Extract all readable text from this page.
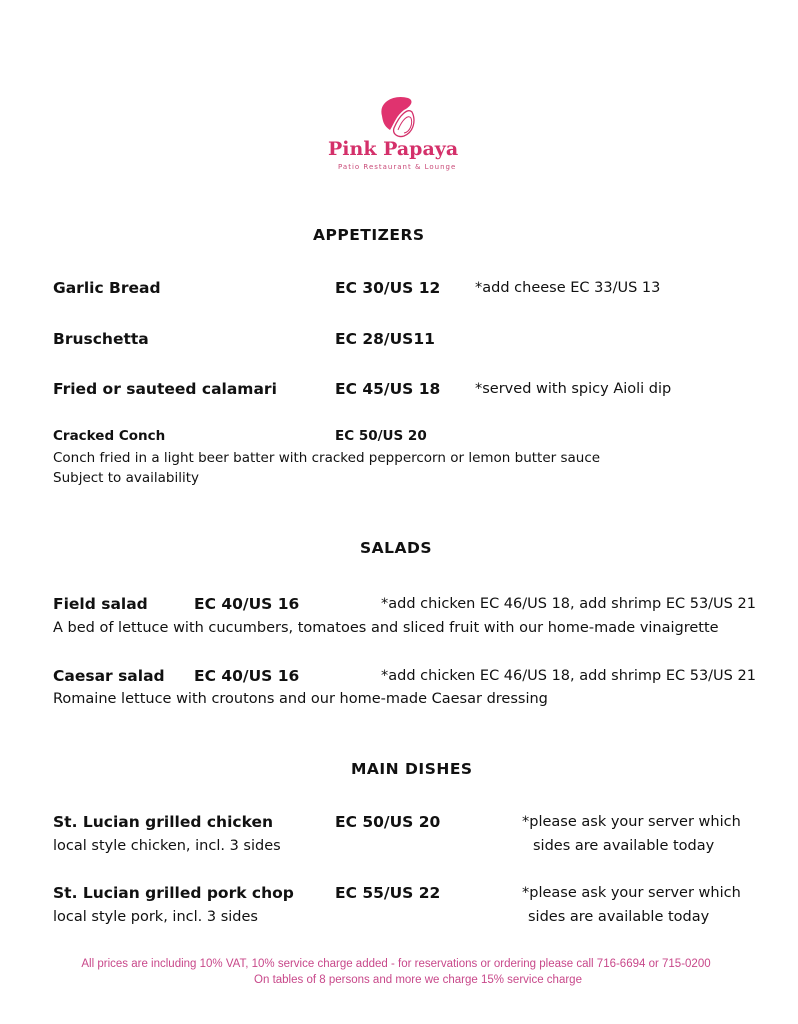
Pink Papaya
Patio Restaurant & Lounge
APPETIZERS
Garlic Bread	EC 30/US 12 *add cheese EC 33/US 13
Bruschetta	EC 28/US11
Fried or sauteed calamari	EC 45/US 18 *served with spicy Aioli dip
Cracked Conch	EC 50/US 20
Conch fried in a light beer batter with cracked peppercorn or lemon butter sauce
Subject to availability
SALADS
Field salad	EC 40/US 16	*add chicken EC 46/US 18, add shrimp EC 53/US 21
A bed of lettuce with cucumbers, tomatoes and sliced fruit with our home-made vinaigrette
Caesar salad EC 40/US 16	*add chicken EC 46/US 18, add shrimp EC 53/US 21
Romaine lettuce with croutons and our home-made Caesar dressing
MAIN DISHES
St. Lucian grilled chicken	EC 50/US 20	*please ask your server which
local style chicken, incl. 3 sides	sides are available today
St. Lucian grilled pork chop	EC 55/US 22	*please ask your server which
local style pork, incl. 3 sides	sides are available today
All prices are including 10% VAT, 10% service charge added - for reservations or ordering please call 716-6694 or 715-0200
On tables of 8 persons and more we charge 15% service charge
